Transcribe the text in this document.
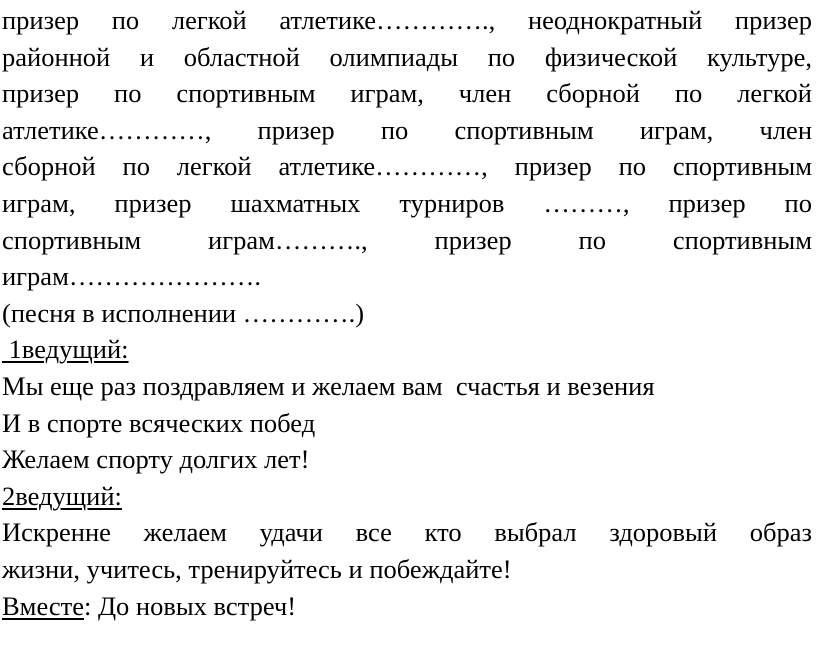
призер по легкой атлетике…………., неоднократный призер
районной и областной олимпиады по физической культуре,
призер по спортивным играм, член сборной по легкой
атлетике…………, призер по спортивным играм, член
сборной по легкой атлетике…………, призер по спортивным
играм, призер шахматных турниров ………, призер по
спортивным играм………., призер по спортивным
играм………………….
(песня в исполнении ………….)
1ведущий:
Мы еще раз поздравляем и желаем вам  счастья и везения
И в спорте всяческих побед
Желаем спорту долгих лет!
2ведущий:
Искренне желаем удачи все кто выбрал здоровый образ
жизни, учитесь, тренируйтесь и побеждайте!
Вместе: До новых встреч!
